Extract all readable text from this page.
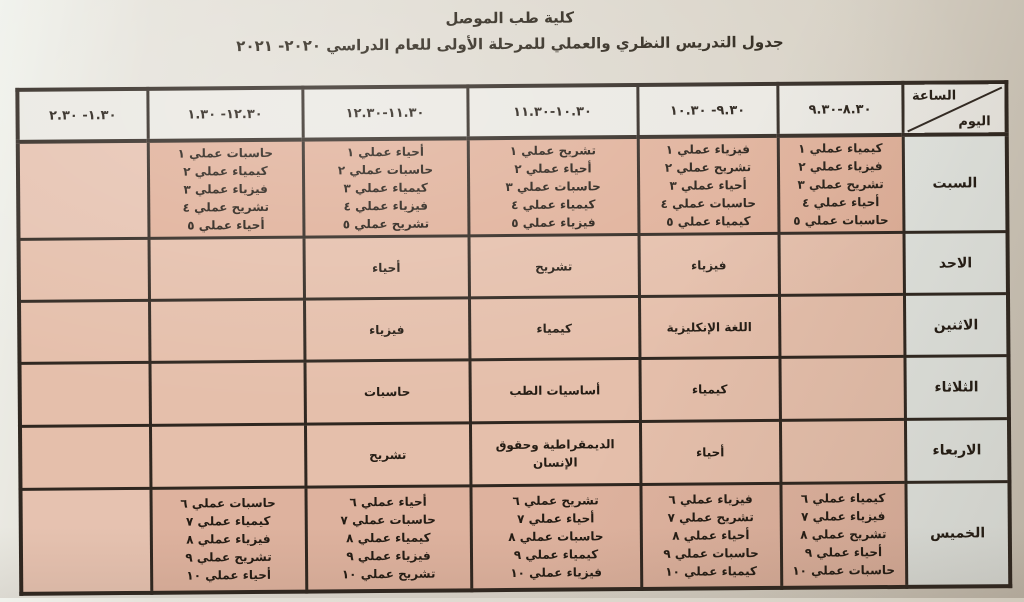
كلية طب الموصل
جدول التدريس النظري والعملي للمرحلة الأولى للعام الدراسي ٢٠٢٠- ٢٠٢١
الساعة
اليوم	٨.٣٠-٩.٣٠	٩.٣٠- ١٠.٣٠	١٠.٣٠-١١.٣٠	١١.٣٠-١٢.٣٠	١٢.٣٠- ١.٣٠	١.٣٠- ٢.٣٠
السبت	كيمياء عملي ١
فيزياء عملي ٢
تشريح عملي ٣
أحياء عملي ٤
حاسبات عملي ٥	فيزياء عملي ١
تشريح عملي ٢
أحياء عملي ٣
حاسبات عملي ٤
كيمياء عملي ٥	تشريح عملي ١
أحياء عملي ٢
حاسبات عملي ٣
كيمياء عملي ٤
فيزياء عملي ٥	أحياء عملي ١
حاسبات عملي ٢
كيمياء عملي ٣
فيزياء عملي ٤
تشريح عملي ٥	حاسبات عملي ١
كيمياء عملي ٢
فيزياء عملي ٣
تشريح عملي ٤
أحياء عملي ٥	
الاحد		فيزياء	تشريح	أحياء		
الاثنين		اللغة الإنكليزية	كيمياء	فيزياء		
الثلاثاء		كيمياء	أساسيات الطب	حاسبات		
الاربعاء		أحياء	الديمقراطية وحقوق الإنسان	تشريح		
الخميس	كيمياء عملي ٦
فيزياء عملي ٧
تشريح عملي ٨
أحياء عملي ٩
حاسبات عملي ١٠	فيزياء عملي ٦
تشريح عملي ٧
أحياء عملي ٨
حاسبات عملي ٩
كيمياء عملي ١٠	تشريح عملي ٦
أحياء عملي ٧
حاسبات عملي ٨
كيمياء عملي ٩
فيزياء عملي ١٠	أحياء عملي ٦
حاسبات عملي ٧
كيمياء عملي ٨
فيزياء عملي ٩
تشريح عملي ١٠	حاسبات عملي ٦
كيمياء عملي ٧
فيزياء عملي ٨
تشريح عملي ٩
أحياء عملي ١٠	
